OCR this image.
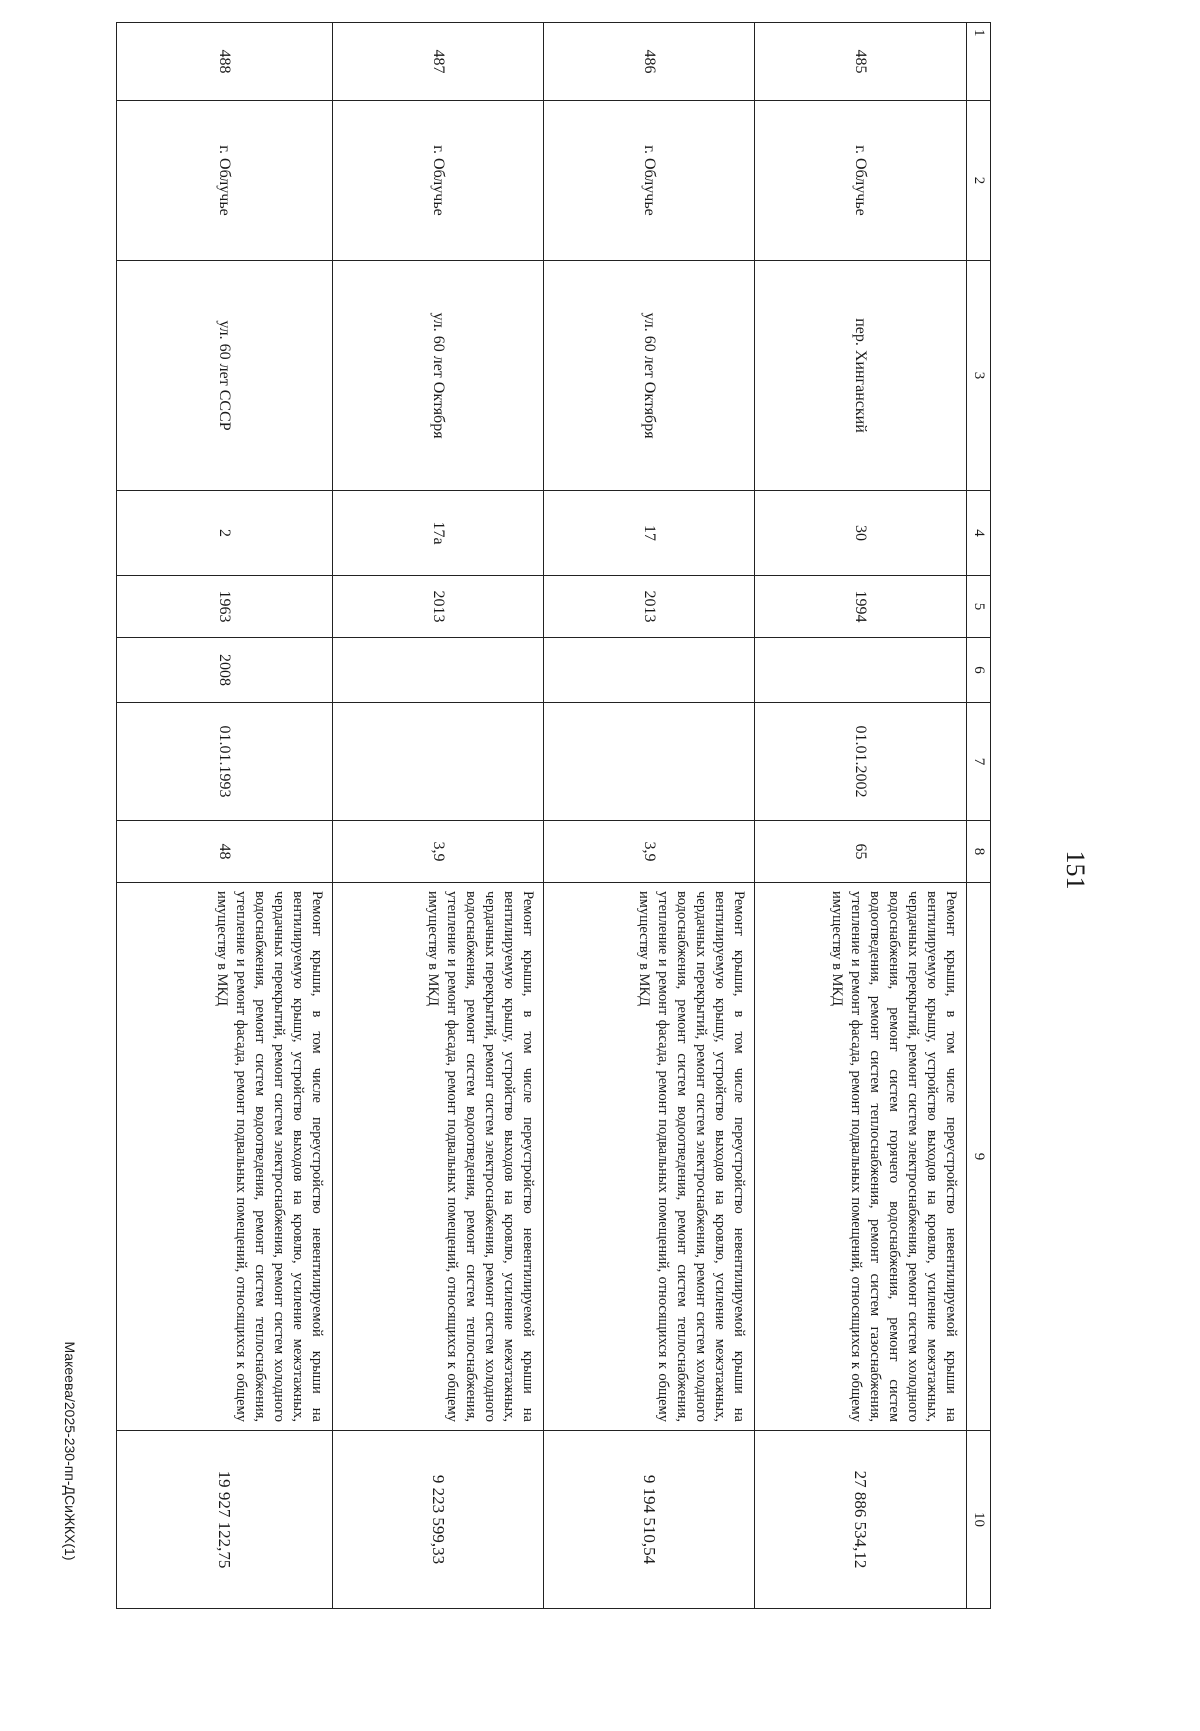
151
1	2	3	4	5	6	7	8	9	10
485	г. Облучье	пер. Хинганский	30	1994		01.01.2002	65	Ремонт крыши, в том числе переустройство невентилируемой крыши на вентилируемую крышу, устройство выходов на кровлю, усиление межэтажных, чердачных перекрытий, ремонт систем электроснабжения, ремонт систем холодного водоснабжения, ремонт систем горячего водоснабжения, ремонт систем водоотведения, ремонт систем теплоснабжения, ремонт систем газоснабжения, утепление и ремонт фасада, ремонт подвальных помещений, относящихся к общему имуществу в МКД	27 886 534,12
486	г. Облучье	ул. 60 лет Октября	17	2013			3,9	Ремонт крыши, в том числе переустройство невентилируемой крыши на вентилируемую крышу, устройство выходов на кровлю, усиление межэтажных, чердачных перекрытий, ремонт систем электроснабжения, ремонт систем холодного водоснабжения, ремонт систем водоотведения, ремонт систем теплоснабжения, утепление и ремонт фасада, ремонт подвальных помещений, относящихся к общему имуществу в МКД	9 194 510,54
487	г. Облучье	ул. 60 лет Октября	17а	2013			3,9	Ремонт крыши, в том числе переустройство невентилируемой крыши на вентилируемую крышу, устройство выходов на кровлю, усиление межэтажных, чердачных перекрытий, ремонт систем электроснабжения, ремонт систем холодного водоснабжения, ремонт систем водоотведения, ремонт систем теплоснабжения, утепление и ремонт фасада, ремонт подвальных помещений, относящихся к общему имуществу в МКД	9 223 599,33
488	г. Облучье	ул. 60 лет СССР	2	1963	2008	01.01.1993	48	Ремонт крыши, в том числе переустройство невентилируемой крыши на вентилируемую крышу, устройство выходов на кровлю, усиление межэтажных, чердачных перекрытий, ремонт систем электроснабжения, ремонт систем холодного водоснабжения, ремонт систем водоотведения, ремонт систем теплоснабжения, утепление и ремонт фасада, ремонт подвальных помещений, относящихся к общему имуществу в МКД	19 927 122,75
Макеева/2025-230-пп-ДСиЖКХ(1)
